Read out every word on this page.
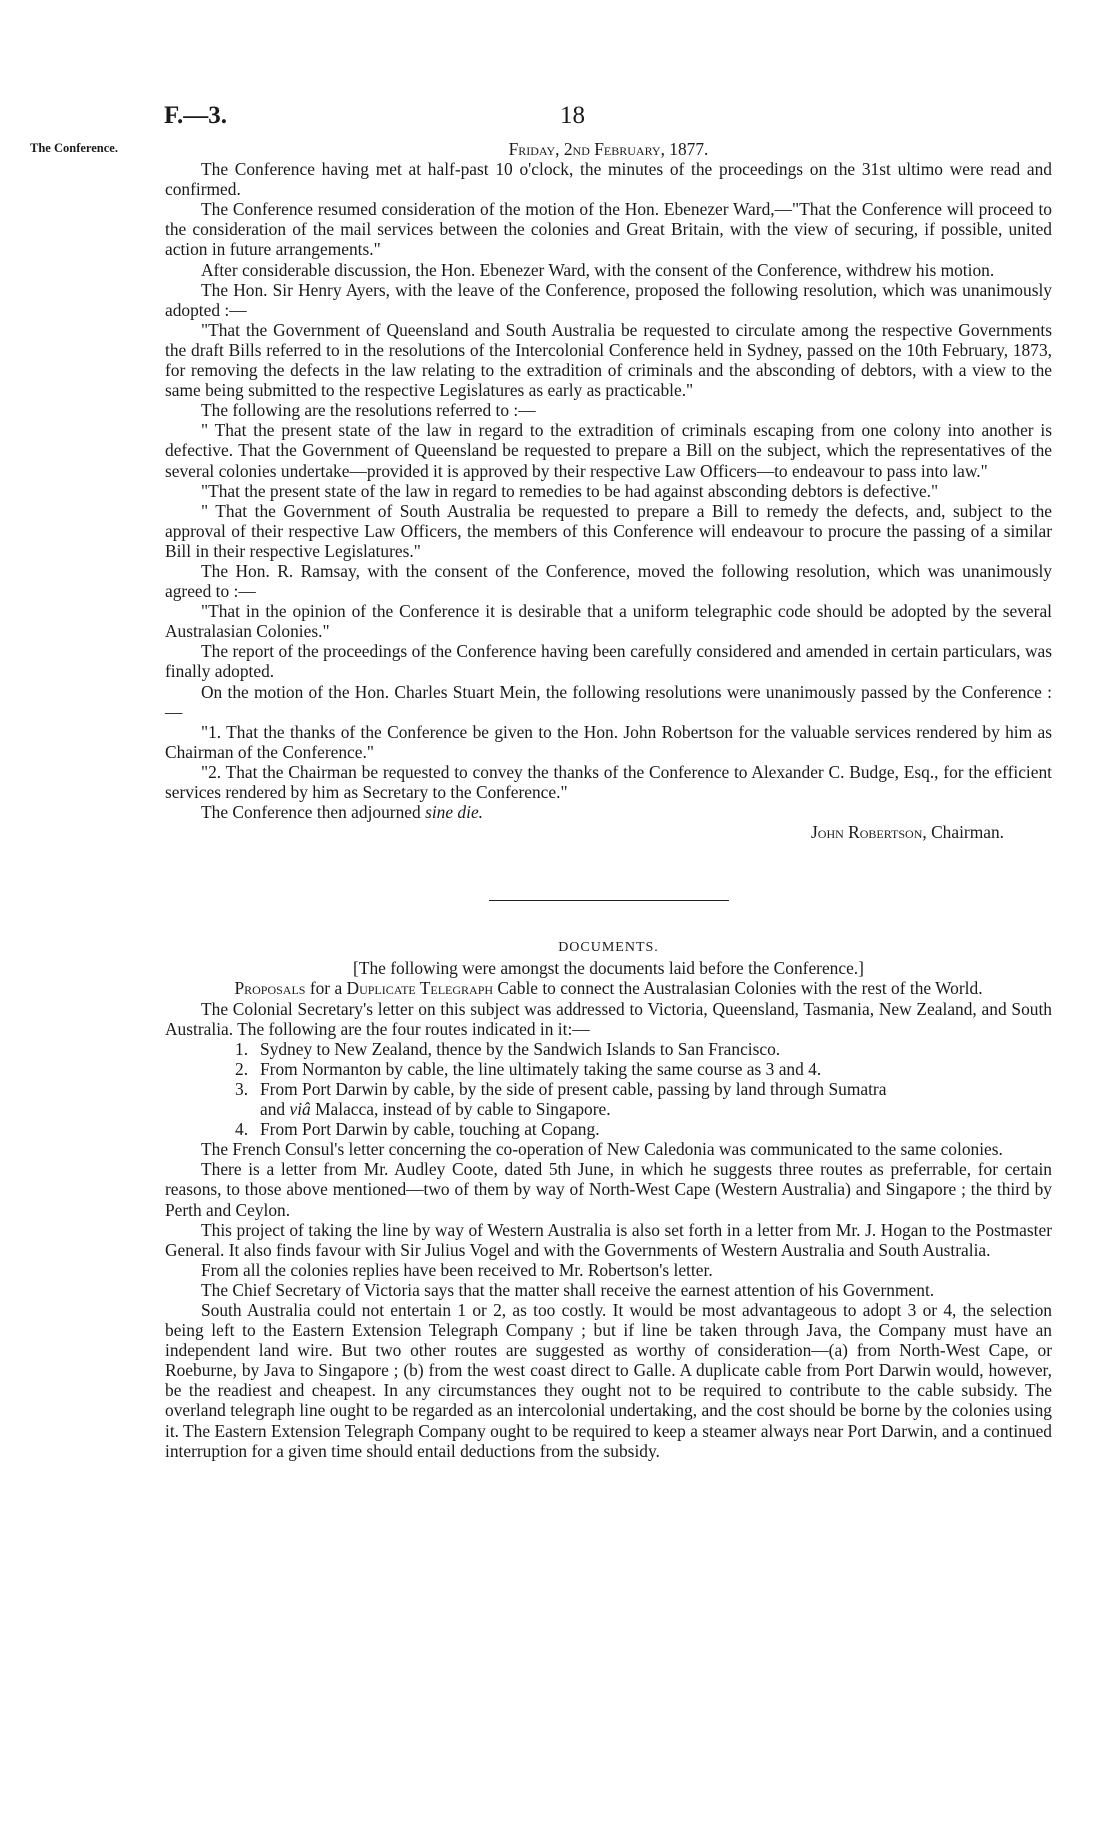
F.—3.	18
The Conference.	Friday, 2nd February, 1877.

The Conference having met at half-past 10 o'clock, the minutes of the proceedings on the 31st ultimo were read and confirmed.

The Conference resumed consideration of the motion of the Hon. Ebenezer Ward,—"That the Conference will proceed to the consideration of the mail services between the colonies and Great Britain, with the view of securing, if possible, united action in future arrangements."

After considerable discussion, the Hon. Ebenezer Ward, with the consent of the Conference, withdrew his motion.

The Hon. Sir Henry Ayers, with the leave of the Conference, proposed the following resolution, which was unanimously adopted :—

"That the Government of Queensland and South Australia be requested to circulate among the respective Governments the draft Bills referred to in the resolutions of the Intercolonial Conference held in Sydney, passed on the 10th February, 1873, for removing the defects in the law relating to the extradition of criminals and the absconding of debtors, with a view to the same being submitted to the respective Legislatures as early as practicable."

The following are the resolutions referred to :—

" That the present state of the law in regard to the extradition of criminals escaping from one colony into another is defective. That the Government of Queensland be requested to prepare a Bill on the subject, which the representatives of the several colonies undertake—provided it is approved by their respective Law Officers—to endeavour to pass into law."

"That the present state of the law in regard to remedies to be had against absconding debtors is defective."

" That the Government of South Australia be requested to prepare a Bill to remedy the defects, and, subject to the approval of their respective Law Officers, the members of this Conference will endeavour to procure the passing of a similar Bill in their respective Legislatures."

The Hon. R. Ramsay, with the consent of the Conference, moved the following resolution, which was unanimously agreed to :—

"That in the opinion of the Conference it is desirable that a uniform telegraphic code should be adopted by the several Australasian Colonies."

The report of the proceedings of the Conference having been carefully considered and amended in certain particulars, was finally adopted.

On the motion of the Hon. Charles Stuart Mein, the following resolutions were unanimously passed by the Conference :—

"1. That the thanks of the Conference be given to the Hon. John Robertson for the valuable services rendered by him as Chairman of the Conference."

"2. That the Chairman be requested to convey the thanks of the Conference to Alexander C. Budge, Esq., for the efficient services rendered by him as Secretary to the Conference."

The Conference then adjourned sine die.

John Robertson, Chairman.

DOCUMENTS.

[The following were amongst the documents laid before the Conference.]

Proposals for a Duplicate Telegraph Cable to connect the Australasian Colonies with the rest of the World.

The Colonial Secretary's letter on this subject was addressed to Victoria, Queensland, Tasmania, New Zealand, and South Australia. The following are the four routes indicated in it:—

1. Sydney to New Zealand, thence by the Sandwich Islands to San Francisco.

2. From Normanton by cable, the line ultimately taking the same course as 3 and 4.

3. From Port Darwin by cable, by the side of present cable, passing by land through Sumatra

and viâ Malacca, instead of by cable to Singapore.

4. From Port Darwin by cable, touching at Copang.

The French Consul's letter concerning the co-operation of New Caledonia was communicated to the same colonies.

There is a letter from Mr. Audley Coote, dated 5th June, in which he suggests three routes as preferrable, for certain reasons, to those above mentioned—two of them by way of North-West Cape (Western Australia) and Singapore ; the third by Perth and Ceylon.

This project of taking the line by way of Western Australia is also set forth in a letter from Mr. J. Hogan to the Postmaster General. It also finds favour with Sir Julius Vogel and with the Governments of Western Australia and South Australia.

From all the colonies replies have been received to Mr. Robertson's letter.

The Chief Secretary of Victoria says that the matter shall receive the earnest attention of his Government.

South Australia could not entertain 1 or 2, as too costly. It would be most advantageous to adopt 3 or 4, the selection being left to the Eastern Extension Telegraph Company ; but if line be taken through Java, the Company must have an independent land wire. But two other routes are suggested as worthy of consideration—(a) from North-West Cape, or Roeburne, by Java to Singapore ; (b) from the west coast direct to Galle. A duplicate cable from Port Darwin would, however, be the readiest and cheapest. In any circumstances they ought not to be required to contribute to the cable subsidy. The overland telegraph line ought to be regarded as an intercolonial undertaking, and the cost should be borne by the colonies using it. The Eastern Extension Telegraph Company ought to be required to keep a steamer always near Port Darwin, and a continued interruption for a given time should entail deductions from the subsidy.
